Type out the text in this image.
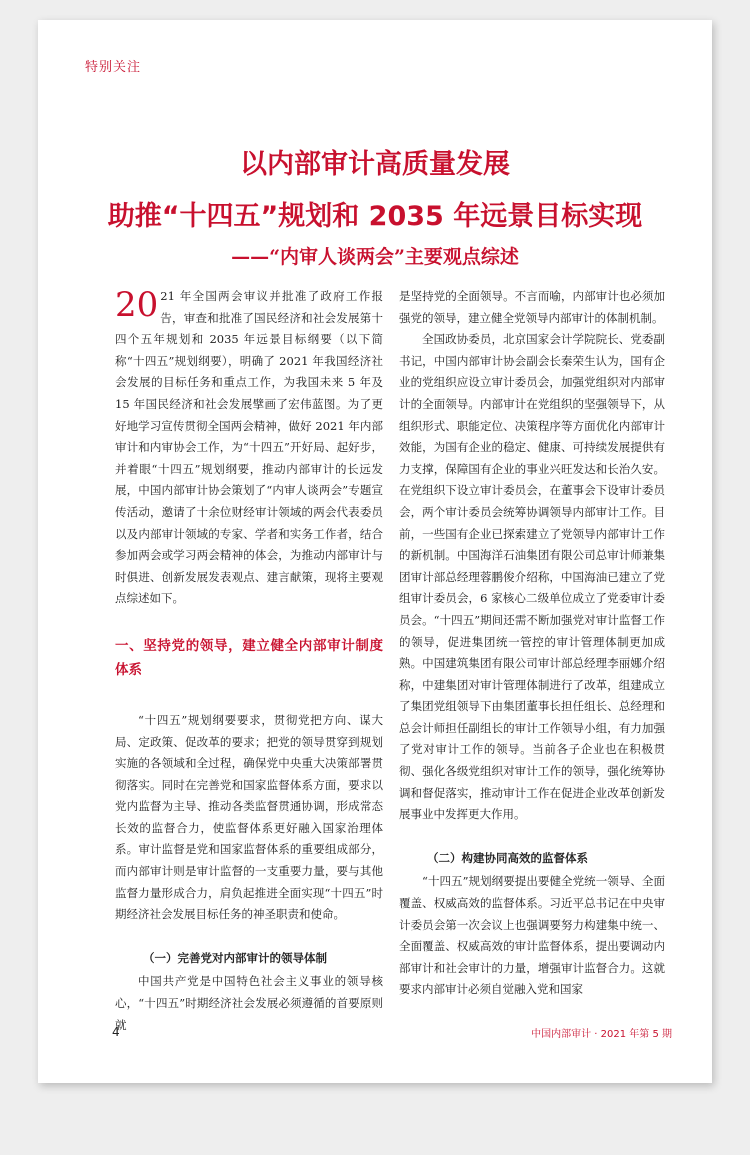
特别关注
以内部审计高质量发展
助推“十四五”规划和 2035 年远景目标实现
——“内审人谈两会”主要观点综述

20 21 年全国两会审议并批准了政府工作报告，审查和批准了国民经济和社会发展第十四个五年规划和 2035 年远景目标纲要（以下简称“十四五”规划纲要），明确了 2021 年我国经济社会发展的目标任务和重点工作，为我国未来 5 年及 15 年国民经济和社会发展擘画了宏伟蓝图。为了更好地学习宣传贯彻全国两会精神，做好 2021 年内部审计和内审协会工作，为“十四五”开好局、起好步，并着眼“十四五”规划纲要，推动内部审计的长远发展，中国内部审计协会策划了“内审人谈两会”专题宣传活动，邀请了十余位财经审计领域的两会代表委员以及内部审计领域的专家、学者和实务工作者，结合参加两会或学习两会精神的体会，为推动内部审计与时俱进、创新发展发表观点、建言献策，现将主要观点综述如下。

一、坚持党的领导，建立健全内部审计制度体系

“十四五”规划纲要要求，贯彻党把方向、谋大局、定政策、促改革的要求；把党的领导贯穿到规划实施的各领域和全过程，确保党中央重大决策部署贯彻落实。同时在完善党和国家监督体系方面，要求以党内监督为主导、推动各类监督贯通协调，形成常态长效的监督合力，使监督体系更好融入国家治理体系。审计监督是党和国家监督体系的重要组成部分，而内部审计则是审计监督的一支重要力量，要与其他监督力量形成合力，肩负起推进全面实现“十四五”时期经济社会发展目标任务的神圣职责和使命。

（一）完善党对内部审计的领导体制

中国共产党是中国特色社会主义事业的领导核心，“十四五”时期经济社会发展必须遵循的首要原则就

是坚持党的全面领导。不言而喻，内部审计也必须加强党的领导，建立健全党领导内部审计的体制机制。

全国政协委员，北京国家会计学院院长、党委副书记，中国内部审计协会副会长秦荣生认为，国有企业的党组织应设立审计委员会，加强党组织对内部审计的全面领导。内部审计在党组织的坚强领导下，从组织形式、职能定位、决策程序等方面优化内部审计效能，为国有企业的稳定、健康、可持续发展提供有力支撑，保障国有企业的事业兴旺发达和长治久安。在党组织下设立审计委员会，在董事会下设审计委员会，两个审计委员会统筹协调领导内部审计工作。目前，一些国有企业已探索建立了党领导内部审计工作的新机制。中国海洋石油集团有限公司总审计师兼集团审计部总经理蓉鹏俊介绍称，中国海油已建立了党组审计委员会，6 家核心二级单位成立了党委审计委员会。“十四五”期间还需不断加强党对审计监督工作的领导，促进集团统一管控的审计管理体制更加成熟。中国建筑集团有限公司审计部总经理李丽娜介绍称，中建集团对审计管理体制进行了改革，组建成立了集团党组领导下由集团董事长担任组长、总经理和总会计师担任副组长的审计工作领导小组，有力加强了党对审计工作的领导。当前各子企业也在积极贯彻、强化各级党组织对审计工作的领导，强化统筹协调和督促落实，推动审计工作在促进企业改革创新发展事业中发挥更大作用。

（二）构建协同高效的监督体系

“十四五”规划纲要提出要健全党统一领导、全面覆盖、权威高效的监督体系。习近平总书记在中央审计委员会第一次会议上也强调要努力构建集中统一、全面覆盖、权威高效的审计监督体系，提出要调动内部审计和社会审计的力量，增强审计监督合力。这就要求内部审计必须自觉融入党和国家

4	中国内部审计 · 2021 年第 5 期
